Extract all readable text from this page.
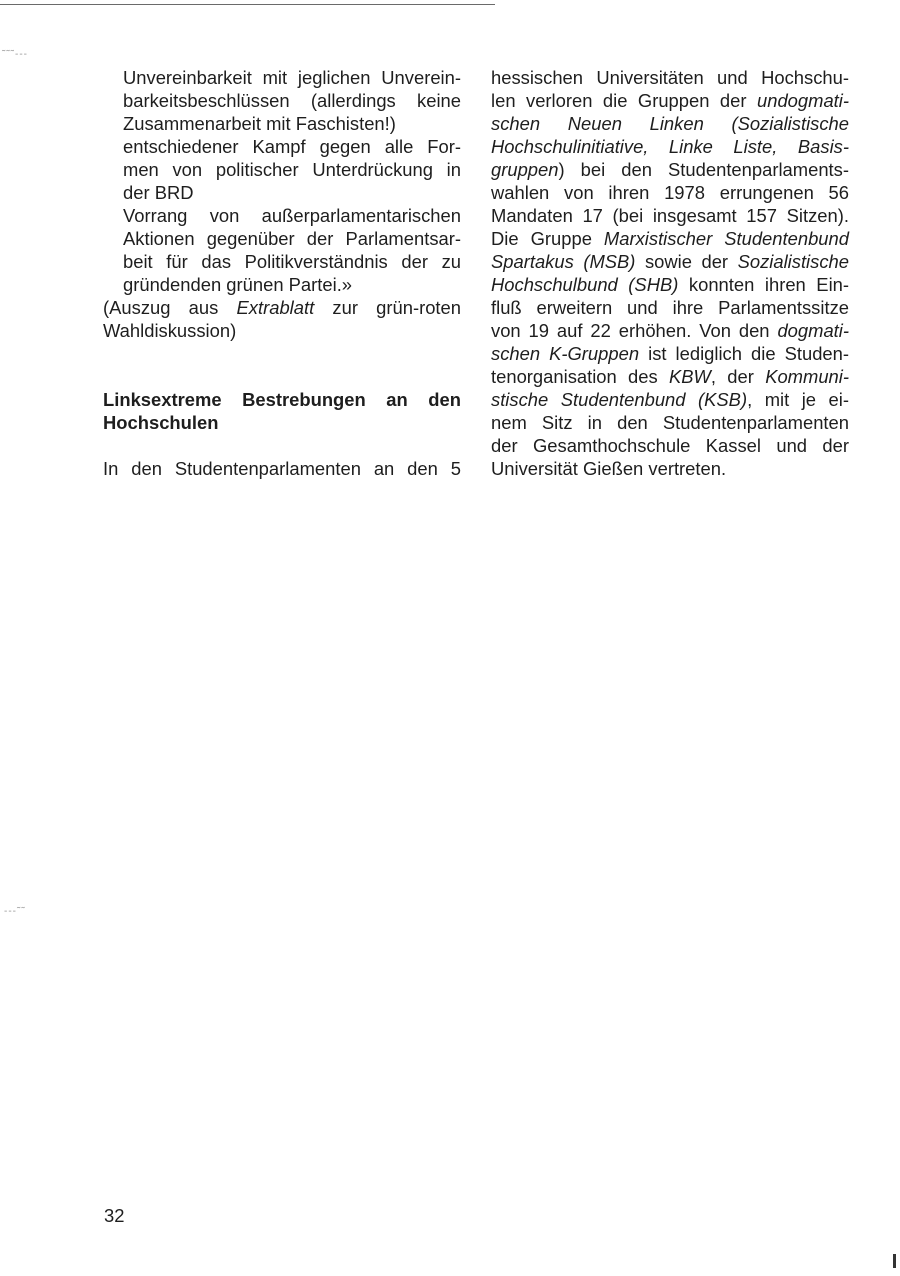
˜˜˜‐‐‐
‐‐‐˜˜
Unvereinbarkeit mit jeglichen Unverein-
barkeitsbeschlüssen (allerdings keine
Zusammenarbeit mit Faschisten!)
entschiedener Kampf gegen alle For-
men von politischer Unterdrückung in
der BRD
Vorrang von außerparlamentarischen
Aktionen gegenüber der Parlamentsar-
beit für das Politikverständnis der zu
gründenden grünen Partei.»
(Auszug aus Extrablatt zur grün-roten
Wahldiskussion)
Linksextreme Bestrebungen an den
Hochschulen
In den Studentenparlamenten an den 5
hessischen Universitäten und Hochschu-
len verloren die Gruppen der undogmati-
schen Neuen Linken (Sozialistische
Hochschulinitiative, Linke Liste, Basis-
gruppen) bei den Studentenparlaments-
wahlen von ihren 1978 errungenen 56
Mandaten 17 (bei insgesamt 157 Sitzen).
Die Gruppe Marxistischer Studentenbund
Spartakus (MSB) sowie der Sozialistische
Hochschulbund (SHB) konnten ihren Ein-
fluß erweitern und ihre Parlamentssitze
von 19 auf 22 erhöhen. Von den dogmati-
schen K-Gruppen ist lediglich die Studen-
tenorganisation des KBW, der Kommuni-
stische Studentenbund (KSB), mit je ei-
nem Sitz in den Studentenparlamenten
der Gesamthochschule Kassel und der
Universität Gießen vertreten.
32
